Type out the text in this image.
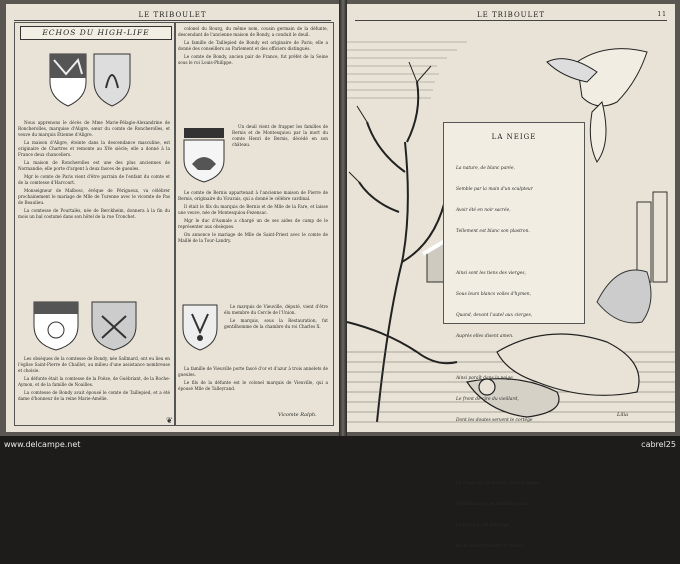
LE TRIBOULET
ECHOS DU HIGH-LIFE

Nous apprenons le décès de Mme Marie-Pélagie-Alexandrine de Roncherolles, marquise d'Aligre, sœur du comte de Roncherolles, et veuve du marquis Étienne d'Aligre.

La maison d'Aligre, éteinte dans la descendance masculine, est originaire de Chartres et remonte au XVe siècle; elle a donné à la France deux chanceliers.

La maison de Roncherolles est une des plus anciennes de Normandie; elle porte d'argent à deux fasces de gueules.

Mgr le comte de Paris vient d'être parrain de l'enfant du comte et de la comtesse d'Harcourt.

Monseigneur de Malbosc, évêque de Périgueux, va célébrer prochainement le mariage de Mlle de Turenne avec le vicomte de Pas de Beaulieu.

La comtesse de Pourtalès, née de Berckheim, donnera à la fin du mois un bal costumé dans son hôtel de la rue Tronchet.

Les obsèques de la comtesse de Bondy, née Sallmard, ont eu lieu en l'église Saint-Pierre de Chaillot, au milieu d'une assistance nombreuse et choisie.

La défunte était la comtesse de la Poëze, de Guébriant, de la Roche-Aymon, et de la famille de Noailles.

La comtesse de Bondy avait épousé le comte de Taillepied, et a été dame d'honneur de la reine Marie-Amélie.

colonel du Bourg, du même nom, cousin germain de la défunte, descendant de l'ancienne maison de Bondy, a conduit le deuil.

La famille de Taillepied de Bondy est originaire de Paris; elle a donné des conseillers au Parlement et des officiers distingués.

Le comte de Bondy, ancien pair de France, fut préfet de la Seine sous le roi Louis-Philippe.

Un deuil vient de frapper les familles de Bernis et de Montesquiou par la mort du comte Henri de Bernis, décédé en son château.

Le comte de Bernis appartenait à l'ancienne maison de Pierre de Bernis, originaire du Vivarais, qui a donné le célèbre cardinal.

Il était le fils du marquis de Bernis et de Mlle de la Fare, et laisse une veuve, née de Montesquiou-Fezensac.

Mgr le duc d'Aumale a chargé un de ses aides de camp de le représenter aux obsèques.

On annonce le mariage de Mlle de Saint-Priest avec le comte de Maillé de la Tour-Landry.

Le marquis de Vieuville, député, vient d'être élu membre du Cercle de l'Union.

Le marquis, sous la Restauration, fut gentilhomme de la chambre du roi Charles X.

La famille de Vieuville porte fascé d'or et d'azur à trois annelets de gueules.

Le fils de la défunte est le colonel marquis de Vieuville, qui a épousé Mlle de Talleyrand.

Vicomte Ralph.
❦
LE TRIBOULET	11
LA NEIGE

La nature, de blanc parée,

Semble par la main d'un sculpteur

Avoir été en noir sacrée,

Tellement est blanc son plastron.

Ainsi sont les tiens des vierges,

Sous leurs blancs voiles d'hymen,

Quand, devant l'autel aux cierges,

Auprès elles disent amen.

Ainsi paraît dans la neige

Le front de cire du vieillard,

Dont les doutes servent le cortège

La neige est au-dessus, mais la neige,

Quand à nous, ne m'attriste pas;

Le poète a son privilège

De ne point craindre le trépas.

Lilia
www.delcampe.net	cabrel25
